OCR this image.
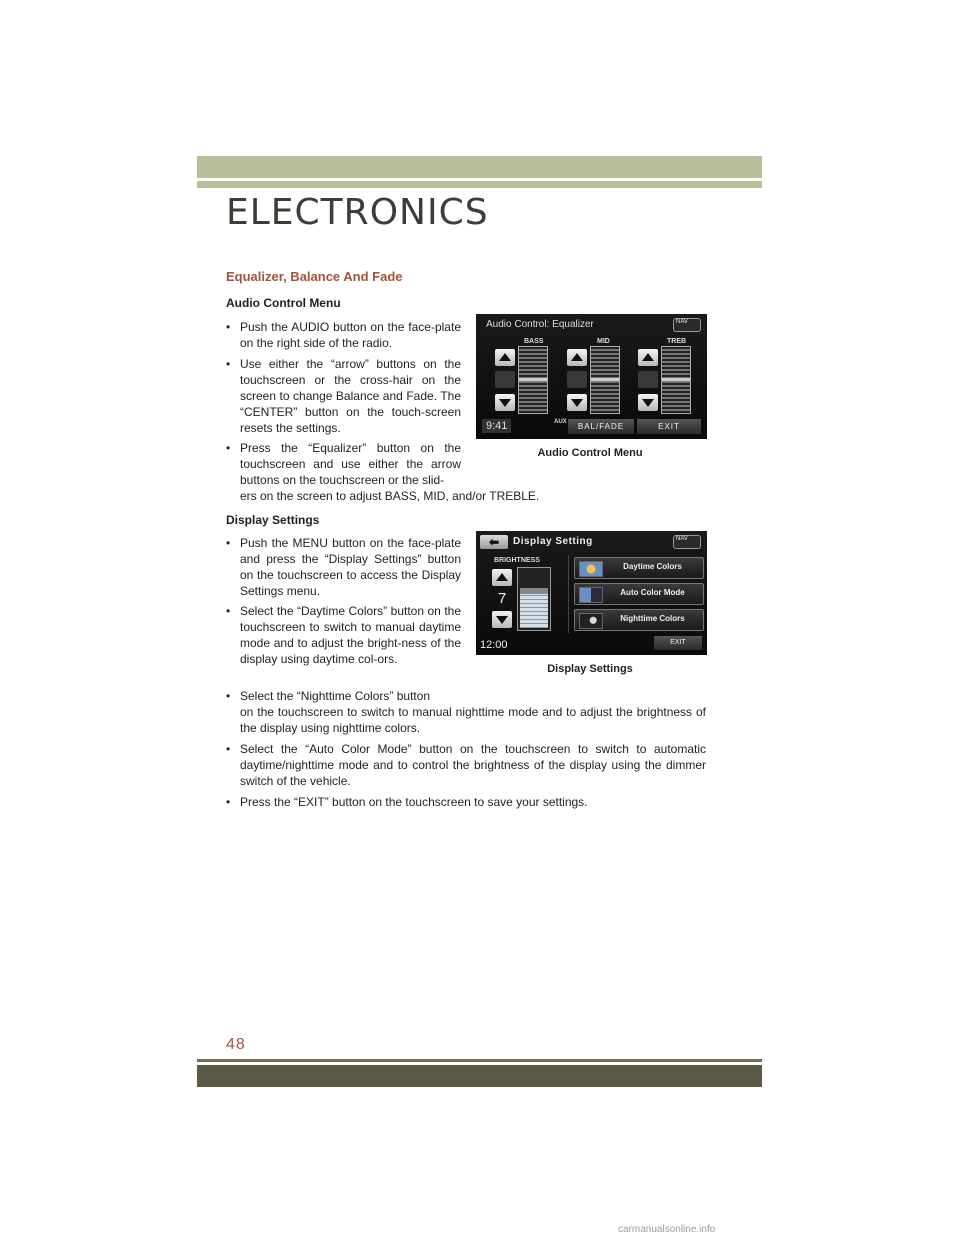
ELECTRONICS
Equalizer, Balance And Fade
Audio Control Menu
• Push the AUDIO button on the face-plate on the right side of the radio.
• Use either the “arrow” buttons on the touchscreen or the cross-hair on the screen to change Balance and Fade. The “CENTER” button on the touch-screen resets the settings.
• Press the “Equalizer” button on the touchscreen and use either the arrow buttons on the touchscreen or the slid-
ers on the screen to adjust BASS, MID, and/or TREBLE.
Audio Control: Equalizer	NAV
BASS	MID	TREB
9:41	AUX	BAL/FADE	EXIT
Audio Control Menu
Display Settings
• Push the MENU button on the face-plate and press the “Display Settings” button on the touchscreen to access the Display Settings menu.
• Select the “Daytime Colors” button on the touchscreen to switch to manual daytime mode and to adjust the bright-ness of the display using daytime col-ors.
• Select the “Nighttime Colors” button
on the touchscreen to switch to manual nighttime mode and to adjust the brightness of the display using nighttime colors.
• Select the “Auto Color Mode” button on the touchscreen to switch to automatic daytime/nighttime mode and to control the brightness of the display using the dimmer switch of the vehicle.
• Press the “EXIT” button on the touchscreen to save your settings.
⬅	Display Setting	NAV
BRIGHTNESS
7
Daytime Colors
Auto Color Mode
Nighttime Colors
12:00	EXIT
Display Settings
48
carmanualsonline.info
